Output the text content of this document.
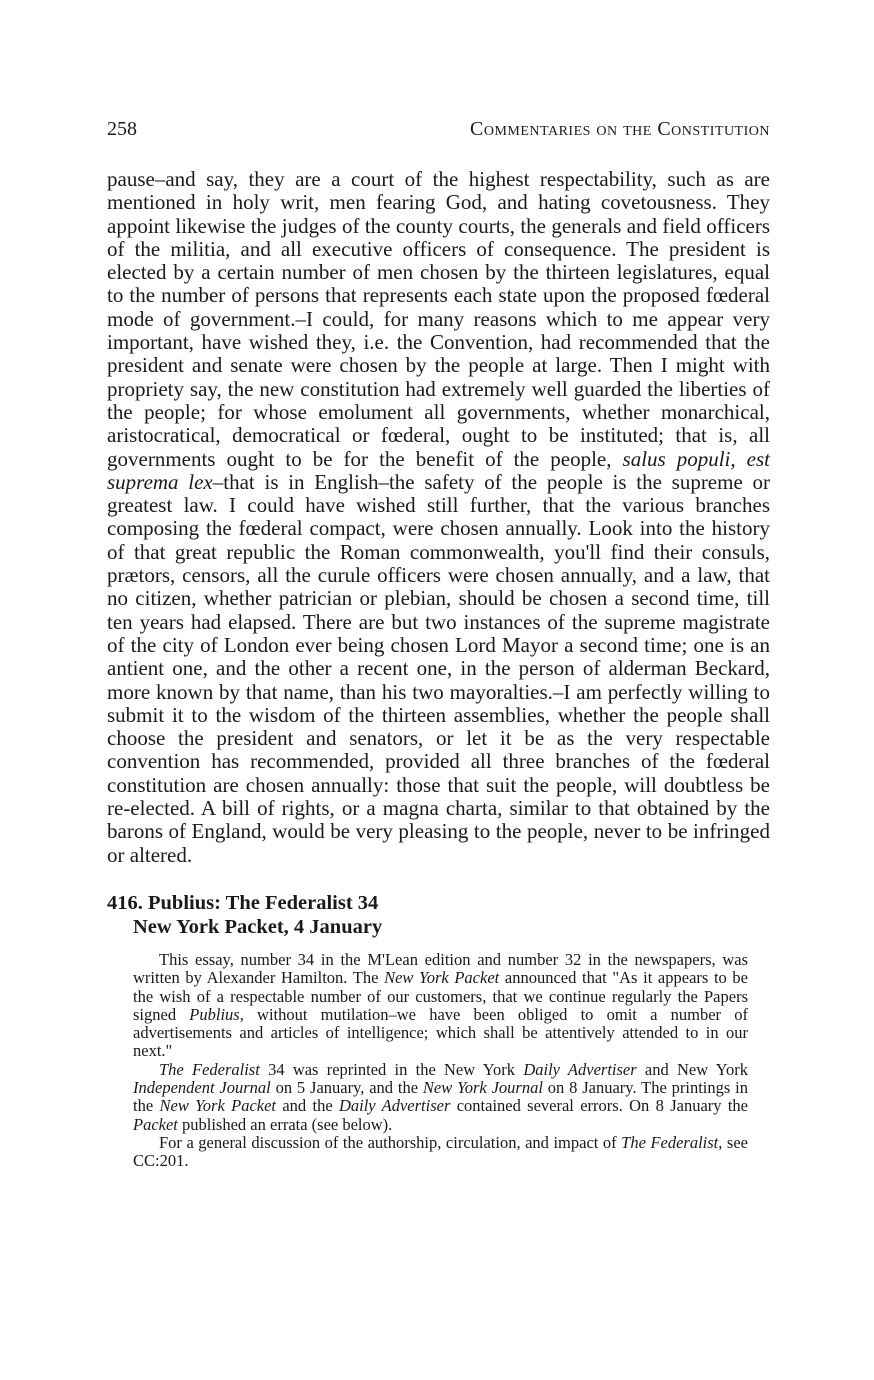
258	Commentaries on the Constitution
pause–and say, they are a court of the highest respectability, such as are mentioned in holy writ, men fearing God, and hating covetousness. They appoint likewise the judges of the county courts, the generals and field officers of the militia, and all executive officers of consequence. The president is elected by a certain number of men chosen by the thirteen legislatures, equal to the number of persons that represents each state upon the proposed fœderal mode of government.–I could, for many reasons which to me appear very important, have wished they, i.e. the Convention, had recommended that the president and senate were chosen by the people at large. Then I might with propriety say, the new constitution had extremely well guarded the liberties of the people; for whose emolument all governments, whether monarchical, aristocratical, democratical or fœderal, ought to be instituted; that is, all governments ought to be for the benefit of the people, salus populi, est suprema lex–that is in English–the safety of the people is the supreme or greatest law. I could have wished still further, that the various branches composing the fœderal compact, were chosen annually. Look into the history of that great republic the Roman commonwealth, you'll find their consuls, prætors, censors, all the curule officers were chosen annually, and a law, that no citizen, whether patrician or plebian, should be chosen a second time, till ten years had elapsed. There are but two instances of the supreme magistrate of the city of London ever being chosen Lord Mayor a second time; one is an antient one, and the other a recent one, in the person of alderman Beckard, more known by that name, than his two mayoralties.–I am perfectly willing to submit it to the wisdom of the thirteen assemblies, whether the people shall choose the president and senators, or let it be as the very respectable convention has recommended, provided all three branches of the fœderal constitution are chosen annually: those that suit the people, will doubtless be re-elected. A bill of rights, or a magna charta, similar to that obtained by the barons of England, would be very pleasing to the people, never to be infringed or altered.
416. Publius: The Federalist 34
New York Packet, 4 January

This essay, number 34 in the M'Lean edition and number 32 in the newspapers, was written by Alexander Hamilton. The New York Packet announced that "As it appears to be the wish of a respectable number of our customers, that we continue regularly the Papers signed Publius, without mutilation–we have been obliged to omit a number of advertisements and articles of intelligence; which shall be attentively attended to in our next."

The Federalist 34 was reprinted in the New York Daily Advertiser and New York Independent Journal on 5 January, and the New York Journal on 8 January. The printings in the New York Packet and the Daily Advertiser contained several errors. On 8 January the Packet published an errata (see below).

For a general discussion of the authorship, circulation, and impact of The Federalist, see CC:201.
